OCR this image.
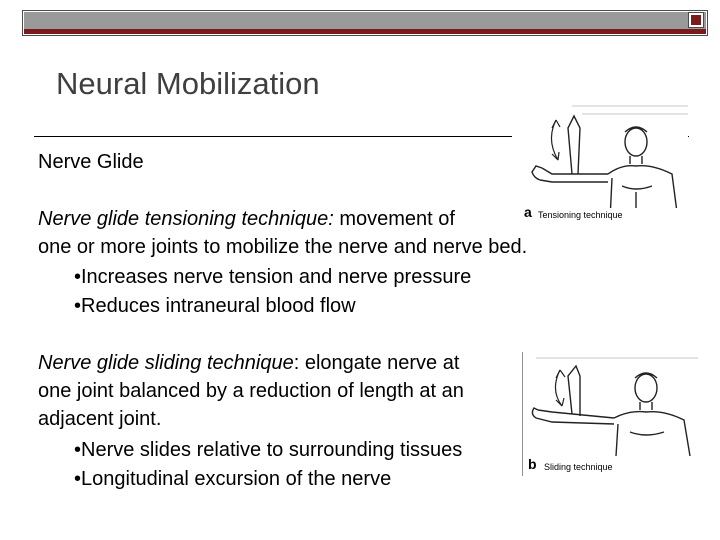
Neural Mobilization
Nerve Glide
Nerve glide tensioning technique: movement of
one or more joints to mobilize the nerve and nerve bed.
•Increases nerve tension and nerve pressure
•Reduces intraneural blood flow
Nerve glide sliding technique: elongate nerve at
one joint balanced by a reduction of length at an
adjacent joint.
•Nerve slides relative to surrounding tissues
•Longitudinal excursion of the nerve
a Tensioning technique
b Sliding technique
